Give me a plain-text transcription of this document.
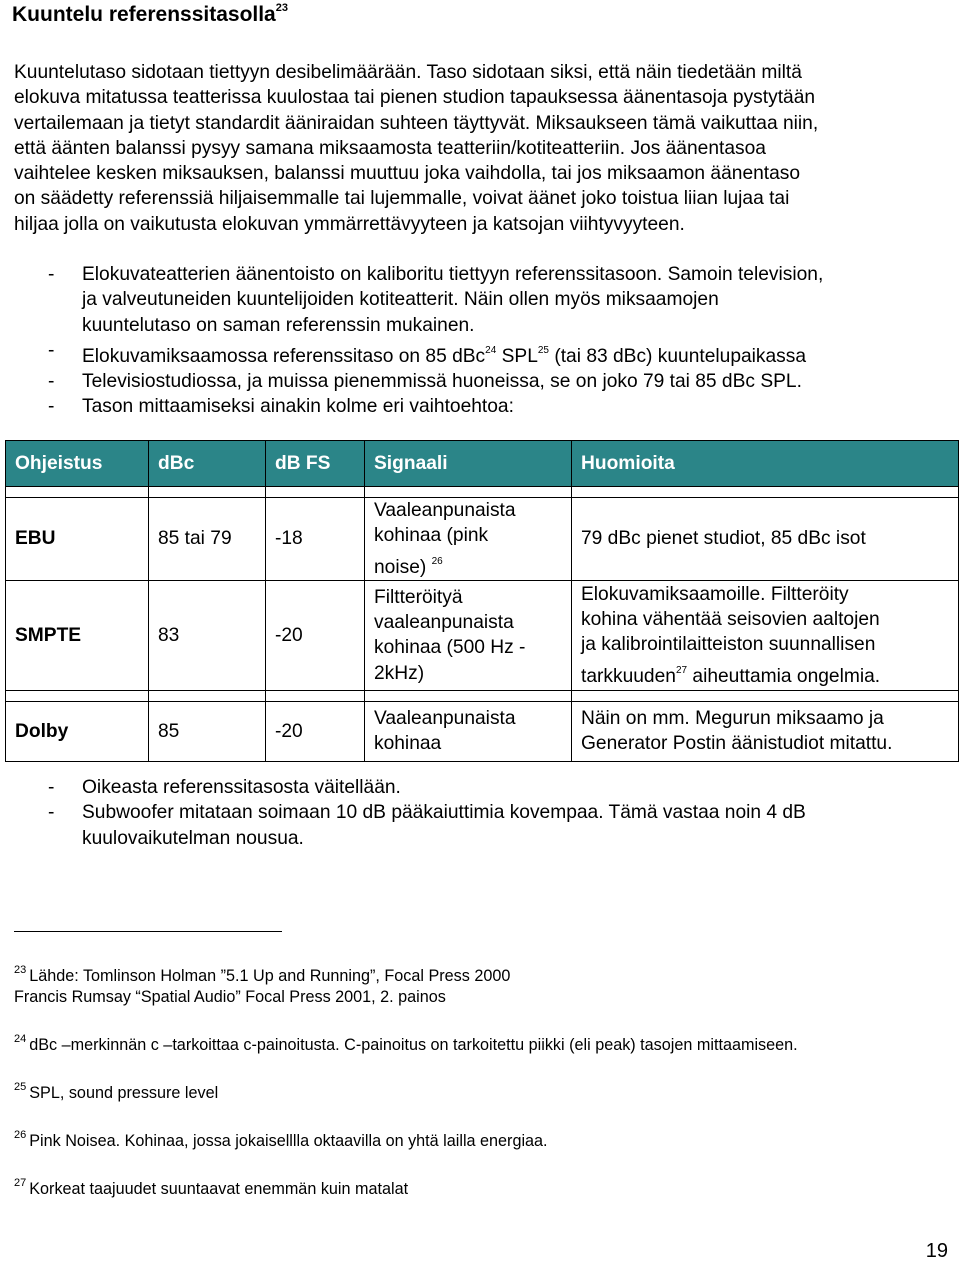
Kuuntelu referenssitasolla$^{23}$
Kuuntelutaso sidotaan tiettyyn desibelimäärään. Taso sidotaan siksi, että näin tiedetään miltä
elokuva mitatussa teatterissa kuulostaa tai pienen studion tapauksessa äänentasoja pystytään
vertailemaan ja tietyt standardit ääniraidan suhteen täyttyvät. Miksaukseen tämä vaikuttaa niin,
että äänten balanssi pysyy samana miksaamosta teatteriin/kotiteatteriin. Jos äänentasoa
vaihtelee kesken miksauksen, balanssi muuttuu joka vaihdolla, tai jos miksaamon äänentaso
on säädetty referenssiä hiljaisemmalle tai lujemmalle, voivat äänet joko toistua liian lujaa tai
hiljaa jolla on vaikutusta elokuvan ymmärrettävyyteen ja katsojan viihtyvyyteen.
- Elokuvateatterien äänentoisto on kaliboritu tiettyyn referenssitasoon. Samoin television,
ja valveutuneiden kuuntelijoiden kotiteatterit. Näin ollen myös miksaamojen
kuuntelutaso on saman referenssin mukainen.
- Elokuvamiksaamossa referenssitaso on 85 dBc$^{24}$ SPL$^{25}$ (tai 83 dBc) kuuntelupaikassa
- Televisiostudiossa, ja muissa pienemmissä huoneissa, se on joko 79 tai 85 dBc SPL.
- Tason mittaamiseksi ainakin kolme eri vaihtoehtoa:
Ohjeistus	dBc	dB FS	Signaali	Huomioita

EBU	85 tai 79	-18	Vaaleanpunaista
kohinaa (pink
noise) $^{26}$	79 dBc pienet studiot, 85 dBc isot
SMPTE	83	-20	Filtteröityä
vaaleanpunaista
kohinaa (500 Hz -
2kHz)	Elokuvamiksaamoille. Filtteröity
kohina vähentää seisovien aaltojen
ja kalibrointilaitteiston suunnallisen
tarkkuuden$^{27}$ aiheuttamia ongelmia.

Dolby	85	-20	Vaaleanpunaista
kohinaa	Näin on mm. Megurun miksaamo ja
Generator Postin äänistudiot mitattu.
- Oikeasta referenssitasosta väitellään.
- Subwoofer mitataan soimaan 10 dB pääkaiuttimia kovempaa. Tämä vastaa noin 4 dB
kuulovaikutelman nousua.
$^{23}$ Lähde: Tomlinson Holman ”5.1 Up and Running”, Focal Press 2000
Francis Rumsay “Spatial Audio” Focal Press 2001, 2. painos
$^{24}$ dBc –merkinnän c –tarkoittaa c-painoitusta. C-painoitus on tarkoitettu piikki (eli peak) tasojen mittaamiseen.
$^{25}$ SPL, sound pressure level
$^{26}$ Pink Noisea. Kohinaa, jossa jokaiselllla oktaavilla on yhtä lailla energiaa.
$^{27}$ Korkeat taajuudet suuntaavat enemmän kuin matalat
19
